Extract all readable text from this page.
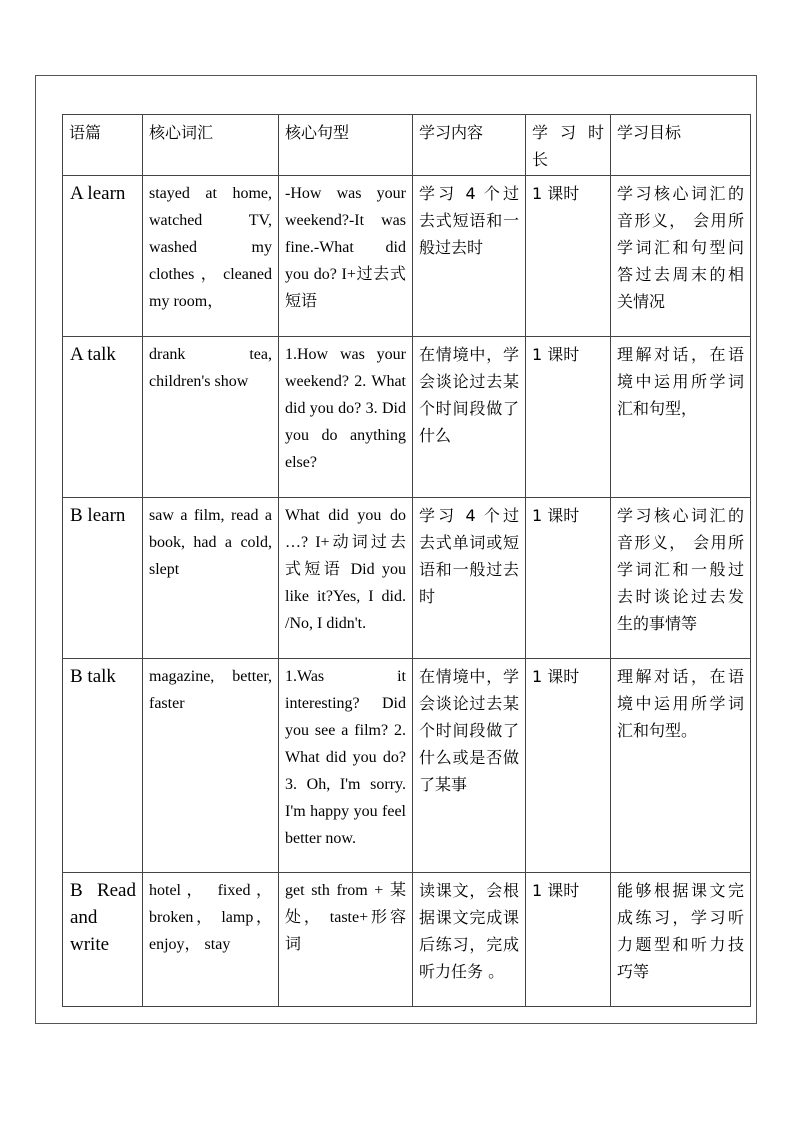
语篇	核心词汇	核心句型	学习内容	学 习 时 长	学习目标
A learn	stayed at home, watched TV, washed my clothes，cleaned my room，	-How was your weekend?-It was fine.-What did you do? I+过去式短语	学习 4 个过去式短语和一般过去时	1 课时	学习核心词汇的音形义， 会用所学词汇和句型问答过去周末的相关情况
A talk	drank tea, children's show	1.How was your weekend? 2. What did you do? 3. Did you do anything else?	在情境中，学会谈论过去某个时间段做了什么	1 课时	理解对话，在语境中运用所学词汇和句型，
B learn	saw a film, read a book, had a cold, slept	What did you do …? I+动词过去式短语 Did you like it?Yes, I did. /No, I didn't.	学习 4 个过去式单词或短语和一般过去时	1 课时	学习核心词汇的音形义， 会用所学词汇和一般过去时谈论过去发生的事情等
B talk	magazine, better, faster	1.Was it interesting? Did you see a film? 2. What did you do? 3. Oh, I'm sorry. I'm happy you feel better now.	在情境中，学会谈论过去某个时间段做了什么或是否做了某事	1 课时	理解对话，在语境中运用所学词汇和句型。
B Read and write	hotel， fixed， broken， lamp， enjoy， stay	get sth from + 某处， taste+形容词	读课文，会根据课文完成课后练习，完成听力任务 。	1 课时	能够根据课文完成练习，学习听力题型和听力技巧等
